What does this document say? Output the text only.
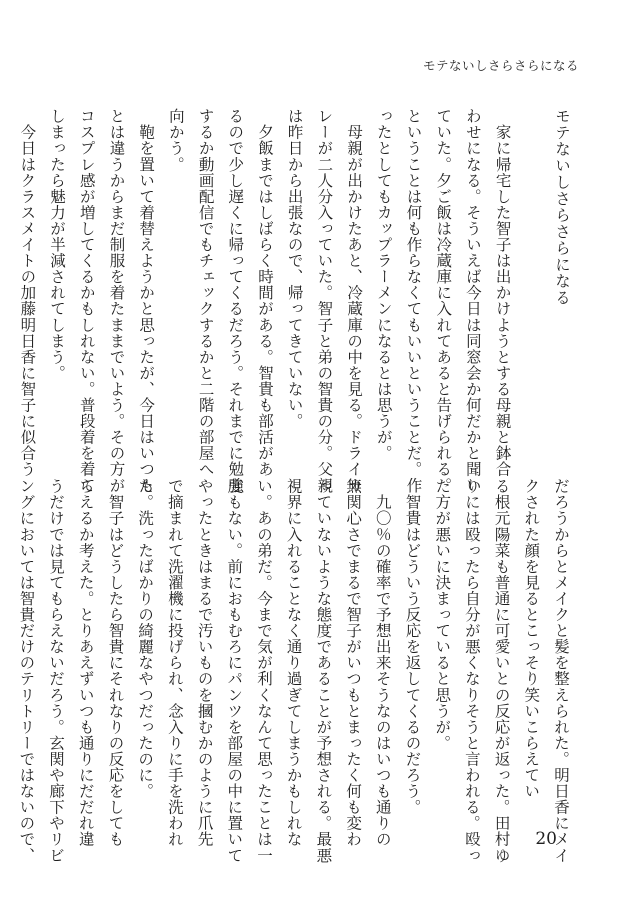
モテないしさらさらになる
モテないしさらさらになる

　家に帰宅した智子は出かけようとする母親と鉢合
わせになる。そういえば今日は同窓会か何だかと聞い
ていた。夕ご飯は冷蔵庫に入れてあると告げられる。
ということは何も作らなくてもいいということだ。作
ったとしてもカップラーメンになるとは思うが。
　母親が出かけたあと、冷蔵庫の中を見る。ドライカ
レーが二人分入っていた。智子と弟の智貴の分。父親
は昨日から出張なので、帰ってきていない。
　夕飯まではしばらく時間がある。智貴も部活があ
るので少し遅くに帰ってくるだろう。それまでに勉強
するか動画配信でもチェックするかと二階の部屋へ
向かう。
　鞄を置いて着替えようかと思ったが、今日はいつも
とは違うからまだ制服を着たままでいよう。その方が
コスプレ感が増してくるかもしれない。普段着を着て
しまったら魅力が半減されてしまう。
　今日はクラスメイトの加藤明日香に智子に似合う
だろうからとメイクと髪を整えられた。明日香にメイ
クされた顔を見るとこっそり笑いこらえてい
る根元陽菜も普通に可愛いとの反応が返った。田村ゆ
りには殴ったら自分が悪くなりそうと言われる。殴っ
た方が悪いに決まっていると思うが。
　智貴はどういう反応を返してくるのだろう。
　九〇％の確率で予想出来そうなのはいつも通りの
無関心さでまるで智子がいつもとまったく何も変わ
っていないような態度であることが予想される。最悪
視界に入れることなく通り過ぎてしまうかもしれな
い。あの弟だ。今まで気が利くなんて思ったことは一
度もない。前におもむろにパンツを部屋の中に置いて
やったときはまるで汚いものを摑むかのように爪先
で摘まれて洗濯機に投げられ、念入りに手を洗われ
た。洗ったばかりの綺麗なやつだったのに。
　智子はどうしたら智貴にそれなりの反応をしても
らえるか考えた。とりあえずいつも通りにだだれ違
うだけでは見てもらえないだろう。玄関や廊下やリビ
ングにおいては智貴だけのテリトリーではないので、	20
